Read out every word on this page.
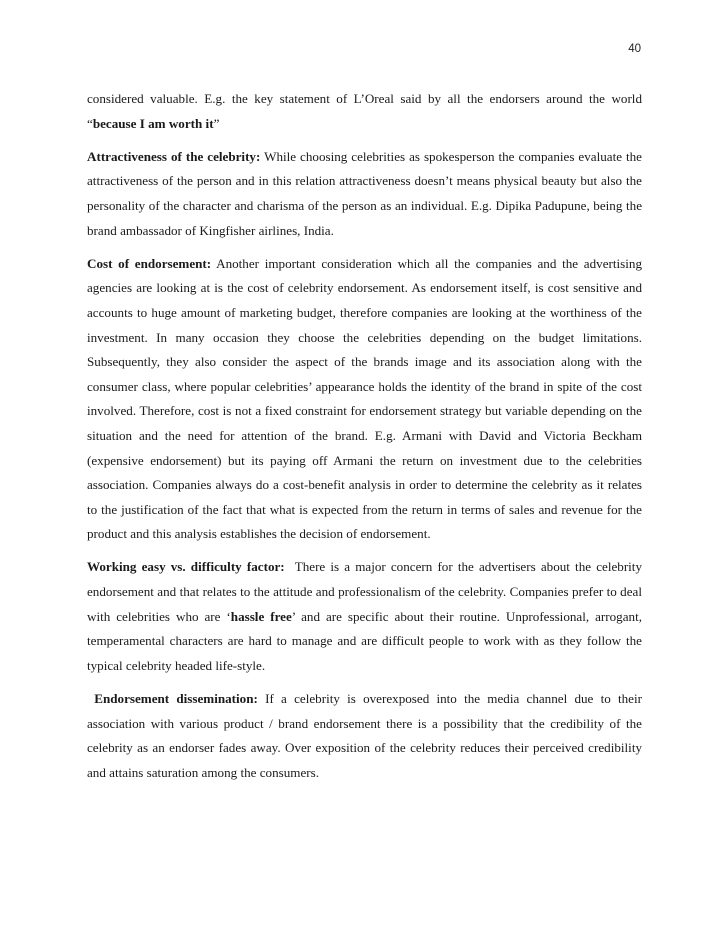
40

considered valuable. E.g. the key statement of L’Oreal said by all the endorsers around the world “because I am worth it”

Attractiveness of the celebrity: While choosing celebrities as spokesperson the companies evaluate the attractiveness of the person and in this relation attractiveness doesn’t means physical beauty but also the personality of the character and charisma of the person as an individual. E.g. Dipika Padupune, being the brand ambassador of Kingfisher airlines, India.

Cost of endorsement: Another important consideration which all the companies and the advertising agencies are looking at is the cost of celebrity endorsement. As endorsement itself, is cost sensitive and accounts to huge amount of marketing budget, therefore companies are looking at the worthiness of the investment. In many occasion they choose the celebrities depending on the budget limitations. Subsequently, they also consider the aspect of the brands image and its association along with the consumer class, where popular celebrities’ appearance holds the identity of the brand in spite of the cost involved. Therefore, cost is not a fixed constraint for endorsement strategy but variable depending on the situation and the need for attention of the brand. E.g. Armani with David and Victoria Beckham (expensive endorsement) but its paying off Armani the return on investment due to the celebrities association. Companies always do a cost-benefit analysis in order to determine the celebrity as it relates to the justification of the fact that what is expected from the return in terms of sales and revenue for the product and this analysis establishes the decision of endorsement.

Working easy vs. difficulty factor:  There is a major concern for the advertisers about the celebrity endorsement and that relates to the attitude and professionalism of the celebrity. Companies prefer to deal with celebrities who are ‘hassle free’ and are specific about their routine. Unprofessional, arrogant, temperamental characters are hard to manage and are difficult people to work with as they follow the typical celebrity headed life-style.

Endorsement dissemination: If a celebrity is overexposed into the media channel due to their association with various product / brand endorsement there is a possibility that the credibility of the celebrity as an endorser fades away. Over exposition of the celebrity reduces their perceived credibility and attains saturation among the consumers.
